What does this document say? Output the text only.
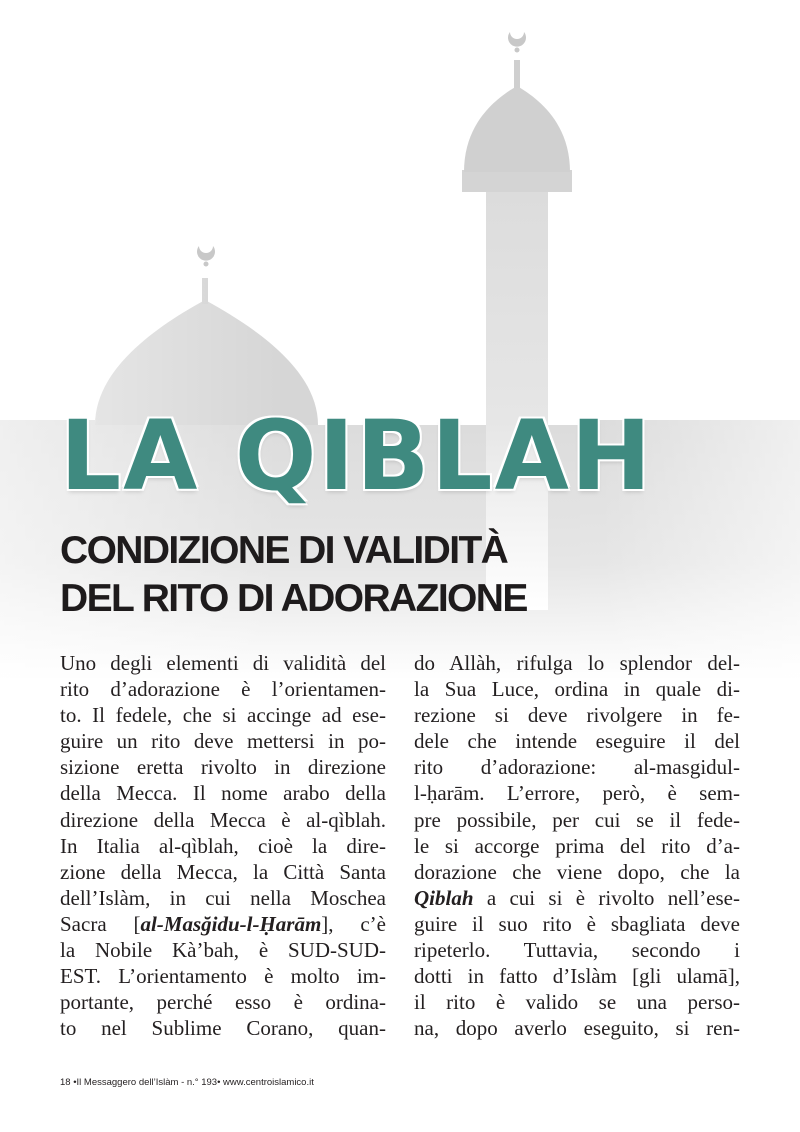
LA QIBLAH
CONDIZIONE DI VALIDITÀ
DEL RITO DI ADORAZIONE
Uno degli elementi di validità del
rito d’adorazione è l’orientamen-
to. Il fedele, che si accinge ad ese-
guire un rito deve mettersi in po-
sizione eretta rivolto in direzione
della Mecca. Il nome arabo della
direzione della Mecca è al-qìblah.
In Italia al-qìblah, cioè la dire-
zione della Mecca, la Città Santa
dell’Islàm, in cui nella Moschea
Sacra [al-Masğidu-l-Ḥarām], c’è
la Nobile Kà’bah, è SUD-SUD-
EST. L’orientamento è molto im-
portante, perché esso è ordina-
to nel Sublime Corano, quan-
do Allàh, rifulga lo splendor del-
la Sua Luce, ordina in quale di-
rezione si deve rivolgere in fe-
dele che intende eseguire il del
rito d’adorazione: al-masgidul-
l-ḥarām. L’errore, però, è sem-
pre possibile, per cui se il fede-
le si accorge prima del rito d’a-
dorazione che viene dopo, che la
Qiblah a cui si è rivolto nell’ese-
guire il suo rito è sbagliata deve
ripeterlo. Tuttavia, secondo i
dotti in fatto d’Islàm [gli ulamā],
il rito è valido se una perso-
na, dopo averlo eseguito, si ren-
18 •Il Messaggero dell’Islàm - n.° 193• www.centroislamico.it
